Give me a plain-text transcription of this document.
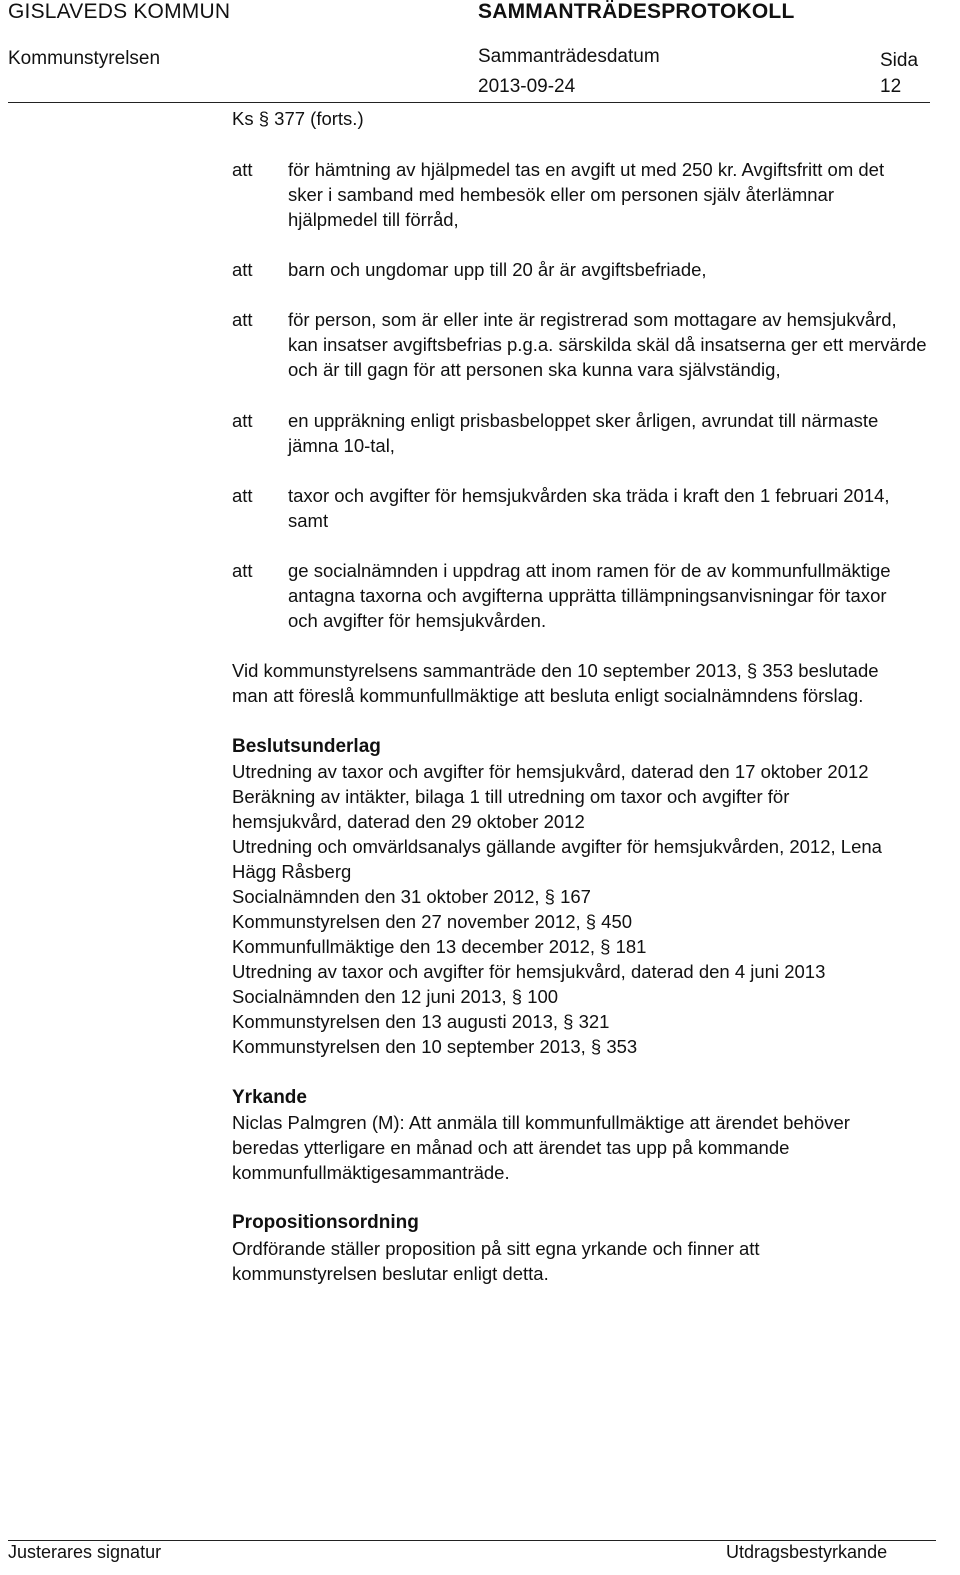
GISLAVEDS KOMMUN	SAMMANTRÄDESPROTOKOLL
Kommunstyrelsen	Sammanträdesdatum
2013-09-24
Sida
12
Ks § 377 (forts.)
att	för hämtning av hjälpmedel tas en avgift ut med 250 kr. Avgiftsfritt om det
sker i samband med hembesök eller om personen själv återlämnar
hjälpmedel till förråd,
att	barn och ungdomar upp till 20 år är avgiftsbefriade,
att	för person, som är eller inte är registrerad som mottagare av hemsjukvård,
kan insatser avgiftsbefrias p.g.a. särskilda skäl då insatserna ger ett mervärde
och är till gagn för att personen ska kunna vara självständig,
att	en uppräkning enligt prisbasbeloppet sker årligen, avrundat till närmaste
jämna 10-tal,
att	taxor och avgifter för hemsjukvården ska träda i kraft den 1 februari 2014,
samt
att	ge socialnämnden i uppdrag att inom ramen för de av kommunfullmäktige
antagna taxorna och avgifterna upprätta tillämpningsanvisningar för taxor
och avgifter för hemsjukvården.
Vid kommunstyrelsens sammanträde den 10 september 2013, § 353 beslutade
man att föreslå kommunfullmäktige att besluta enligt socialnämndens förslag.
Beslutsunderlag
Utredning av taxor och avgifter för hemsjukvård, daterad den 17 oktober 2012
Beräkning av intäkter, bilaga 1 till utredning om taxor och avgifter för
hemsjukvård, daterad den 29 oktober 2012
Utredning och omvärldsanalys gällande avgifter för hemsjukvården, 2012, Lena
Hägg Råsberg
Socialnämnden den 31 oktober 2012, § 167
Kommunstyrelsen den 27 november 2012, § 450
Kommunfullmäktige den 13 december 2012, § 181
Utredning av taxor och avgifter för hemsjukvård, daterad den 4 juni 2013
Socialnämnden den 12 juni 2013, § 100
Kommunstyrelsen den 13 augusti 2013, § 321
Kommunstyrelsen den 10 september 2013, § 353
Yrkande
Niclas Palmgren (M): Att anmäla till kommunfullmäktige att ärendet behöver
beredas ytterligare en månad och att ärendet tas upp på kommande
kommunfullmäktigesammanträde.
Propositionsordning
Ordförande ställer proposition på sitt egna yrkande och finner att
kommunstyrelsen beslutar enligt detta.
Justerares signatur	Utdragsbestyrkande
